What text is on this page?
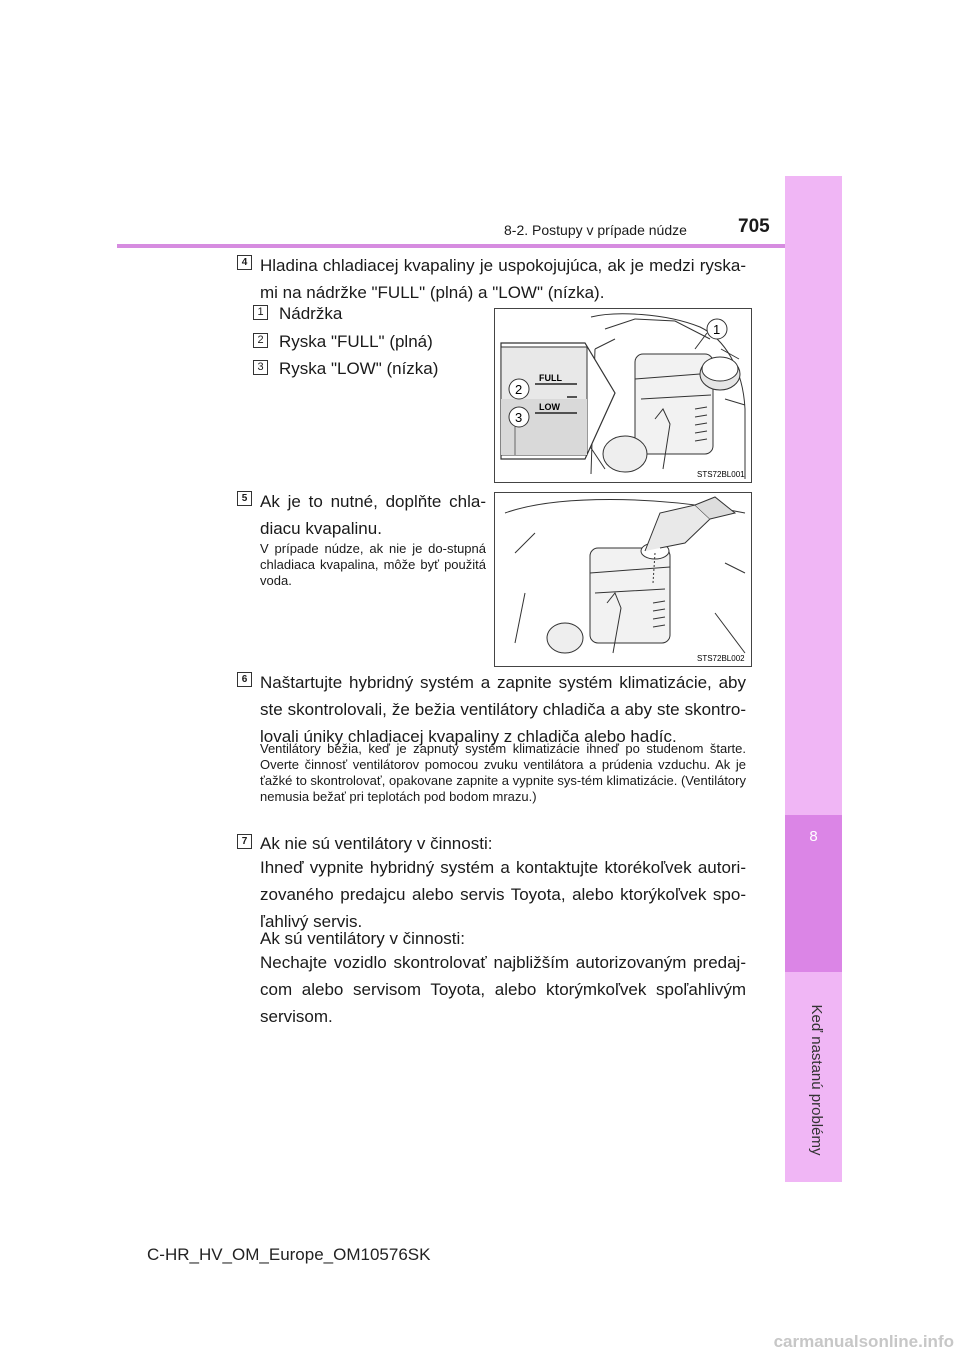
705
8-2. Postupy v prípade núdze
8
Keď nastanú problémy
4 Hladina chladiacej kvapaliny je uspokojujúca, ak je medzi ryska-mi na nádržke "FULL" (plná) a "LOW" (nízka).
1 Nádržka
2 Ryska "FULL" (plná)
3 Ryska "LOW" (nízka)	FULL
LOW
1
2
3
STS72BL001
5 Ak je to nutné, doplňte chla-diacu kvapalinu.
V prípade núdze, ak nie je do-stupná chladiaca kvapalina, môže byť použitá voda.
STS72BL002
6 Naštartujte hybridný systém a zapnite systém klimatizácie, aby ste skontrolovali, že bežia ventilátory chladiča a aby ste skontro-lovali úniky chladiacej kvapaliny z chladiča alebo hadíc.
Ventilátory bežia, keď je zapnutý systém klimatizácie ihneď po studenom štarte. Overte činnosť ventilátorov pomocou zvuku ventilátora a prúdenia vzduchu. Ak je ťažké to skontrolovať, opakovane zapnite a vypnite sys-tém klimatizácie. (Ventilátory nemusia bežať pri teplotách pod bodom mrazu.)
7 Ak nie sú ventilátory v činnosti:
Ihneď vypnite hybridný systém a kontaktujte ktorékoľvek autori-zovaného predajcu alebo servis Toyota, alebo ktorýkoľvek spo-ľahlivý servis.
Ak sú ventilátory v činnosti:
Nechajte vozidlo skontrolovať najbližším autorizovaným predaj-com alebo servisom Toyota, alebo ktorýmkoľvek spoľahlivým servisom.
C-HR_HV_OM_Europe_OM10576SK
carmanualsonline.info
